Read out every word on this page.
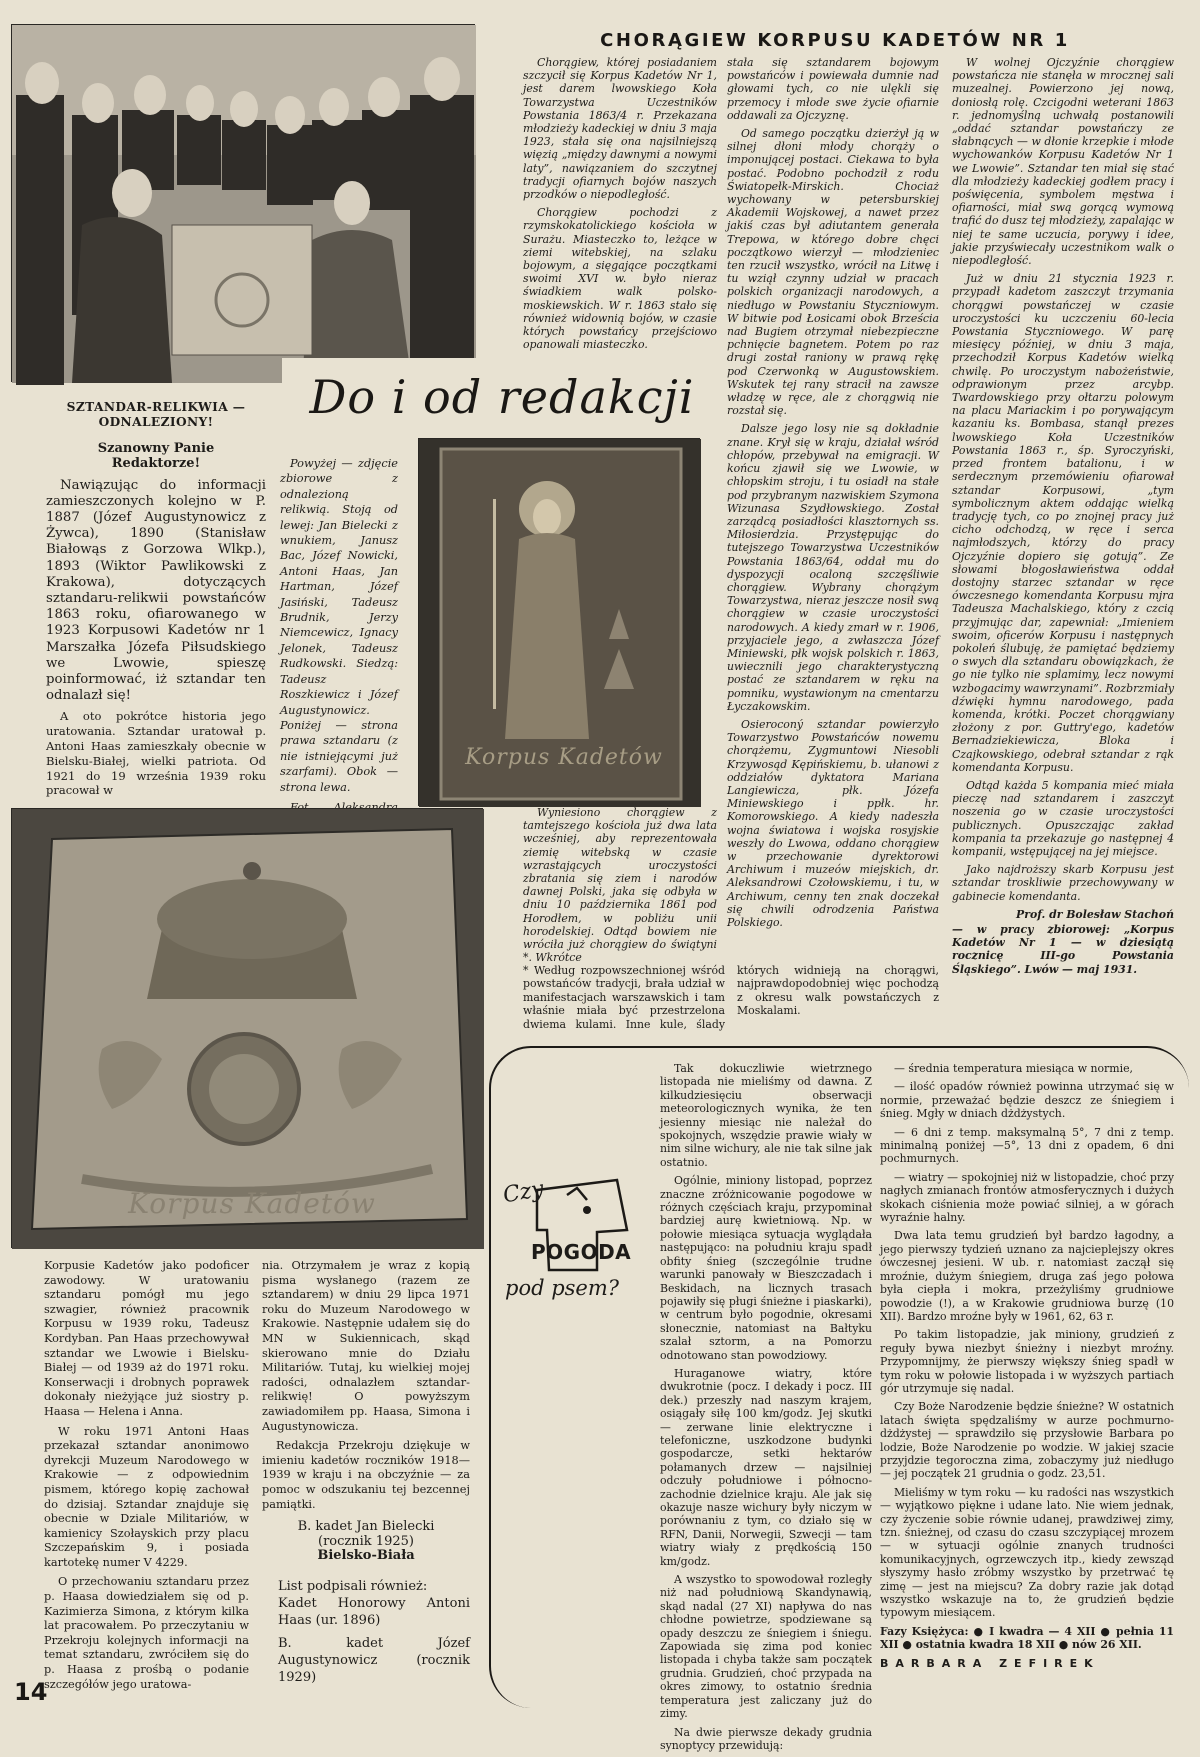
SZTANDAR-RELIKWIA — ODNALEZIONY!
Szanowny Panie Redaktorze!

Nawiązując do informacji zamieszczonych kolejno w P. 1887 (Józef Augustynowicz z Żywca), 1890 (Stanisław Białowąs z Gorzowa Wlkp.), 1893 (Wiktor Pawlikowski z Krakowa), dotyczących sztandaru-relikwii powstańców 1863 roku, ofiarowanego w 1923 Korpusowi Kadetów nr 1 Marszałka Józefa Piłsudskiego we Lwowie, spieszę poinformować, iż sztandar ten odnalazł się!

A oto pokrótce historia jego uratowania. Sztandar uratował p. Antoni Haas zamieszkały obecnie w Bielsku-Białej, wielki patriota. Od 1921 do 19 września 1939 roku pracował w

Do i od redakcji

Powyżej — zdjęcie zbiorowe z odnalezioną relikwią. Stoją od lewej: Jan Bielecki z wnukiem, Janusz Bac, Józef Nowicki, Antoni Haas, Jan Hartman, Józef Jasiński, Tadeusz Brudnik, Jerzy Niemcewicz, Ignacy Jelonek, Tadeusz Rudkowski. Siedzą: Tadeusz Roszkiewicz i Józef Augustynowicz. Poniżej — strona prawa sztandaru (z nie istniejącymi już szarfami). Obok — strona lewa.

Korpus Kadetów
Korpus Kadetów

Korpusie Kadetów jako podoficer zawodowy. W uratowaniu sztandaru pomógł mu jego szwagier, również pracownik Korpusu w 1939 roku, Tadeusz Kordyban. Pan Haas przechowywał sztandar we Lwowie i Bielsku-Białej — od 1939 aż do 1971 roku. Konserwacji i drobnych poprawek dokonały nieżyjące już siostry p. Haasa — Helena i Anna.

W roku 1971 Antoni Haas przekazał sztandar anonimowo dyrekcji Muzeum Narodowego w Krakowie — z odpowiednim pismem, którego kopię zachował do dzisiaj. Sztandar znajduje się obecnie w Dziale Militariów, w kamienicy Szołayskich przy placu Szczepańskim 9, i posiada kartotekę numer V 4229.

O przechowaniu sztandaru przez p. Haasa dowiedziałem się od p. Kazimierza Simona, z którym kilka lat pracowałem. Po przeczytaniu w Przekroju kolejnych informacji na temat sztandaru, zwróciłem się do p. Haasa z prośbą o podanie szczegółów jego uratowa-

nia. Otrzymałem je wraz z kopią pisma wysłanego (razem ze sztandarem) w dniu 29 lipca 1971 roku do Muzeum Narodowego w Krakowie. Następnie udałem się do MN w Sukiennicach, skąd skierowano mnie do Działu Militariów. Tutaj, ku wielkiej mojej radości, odnalazłem sztandar-relikwię! O powyższym zawiadomiłem pp. Haasa, Simona i Augustynowicza.

Redakcja Przekroju dziękuje w imieniu kadetów roczników 1918—1939 w kraju i na obczyźnie — za pomoc w odszukaniu tej bezcennej pamiątki.

B. kadet Jan Bielecki
(rocznik 1925)
Bielsko-Biała
List podpisali również:
Kadet Honorowy Antoni Haas (ur. 1896)
B. kadet Józef Augustynowicz (rocznik 1929)
14
CHORĄGIEW KORPUSU KADETÓW NR 1

Chorągiew, której posiadaniem szczycił się Korpus Kadetów Nr 1, jest darem lwowskiego Koła Towarzystwa Uczestników Powstania 1863/4 r. Przekazana młodzieży kadeckiej w dniu 3 maja 1923, stała się ona najsilniejszą więzią „między dawnymi a nowymi laty”, nawiązaniem do szczytnej tradycji ofiarnych bojów naszych przodków o niepodległość.

Chorągiew pochodzi z rzymskokatolickiego kościoła w Surażu. Miasteczko to, leżące w ziemi witebskiej, na szlaku bojowym, a sięgające początkami swoimi XVI w. było nieraz świadkiem walk polsko-moskiewskich. W r. 1863 stało się również widownią bojów, w czasie których powstańcy przejściowo opanowali miasteczko.

Wyniesiono chorągiew z tamtejszego kościoła już dwa lata wcześniej, aby reprezentowała ziemię witebską w czasie wzrastających uroczystości zbratania się ziem i narodów dawnej Polski, jaka się odbyła w dniu 10 października 1861 pod Horodłem, w pobliżu unii horodelskiej. Odtąd bowiem nie wróciła już chorągiew do świątyni *. Wkrótce

stała się sztandarem bojowym powstańców i powiewała dumnie nad głowami tych, co nie ulękli się przemocy i młode swe życie ofiarnie oddawali za Ojczyznę.

Od samego początku dzierżył ją w silnej dłoni młody chorąży o imponującej postaci. Ciekawa to była postać. Podobno pochodził z rodu Światopełk-Mirskich. Chociaż wychowany w petersburskiej Akademii Wojskowej, a nawet przez jakiś czas był adiutantem generała Trepowa, w którego dobre chęci początkowo wierzył — młodzieniec ten rzucił wszystko, wrócił na Litwę i tu wziął czynny udział w pracach polskich organizacji narodowych, a niedługo w Powstaniu Styczniowym. W bitwie pod Łosicami obok Brześcia nad Bugiem otrzymał niebezpieczne pchnięcie bagnetem. Potem po raz drugi został raniony w prawą rękę pod Czerwonką w Augustowskiem. Wskutek tej rany stracił na zawsze władzę w ręce, ale z chorągwią nie rozstał się.

Dalsze jego losy nie są dokładnie znane. Krył się w kraju, działał wśród chłopów, przebywał na emigracji. W końcu zjawił się we Lwowie, w chłopskim stroju, i tu osiadł na stałe pod przybranym nazwiskiem Szymona Wizunasa Szydłowskiego. Został zarządcą posiadłości klasztornych ss. Miłosierdzia. Przystępując do tutejszego Towarzystwa Uczestników Powstania 1863/64, oddał mu do dyspozycji ocaloną szczęśliwie chorągiew. Wybrany chorążym Towarzystwa, nieraz jeszcze nosił swą chorągiew w czasie uroczystości narodowych. A kiedy zmarł w r. 1906, przyjaciele jego, a zwłaszcza Józef Miniewski, płk wojsk polskich r. 1863, uwiecznili jego charakterystyczną postać ze sztandarem w ręku na pomniku, wystawionym na cmentarzu Łyczakowskim.

Osieroconý sztandar powierzyło Towarzystwo Powstańców nowemu chorążemu, Zygmuntowi Niesobli Krzywosąd Kępińskiemu, b. ułanowi z oddziałów dyktatora Mariana Langiewicza, płk. Józefa Miniewskiego i ppłk. hr. Komorowskiego. A kiedy nadeszła wojna światowa i wojska rosyjskie weszły do Lwowa, oddano chorągiew w przechowanie dyrektorowi Archiwum i muzeów miejskich, dr. Aleksandrowi Czołowskiemu, i tu, w Archiwum, cenny ten znak doczekał się chwili odrodzenia Państwa Polskiego.

W wolnej Ojczyźnie chorągiew powstańcza nie stanęła w mrocznej sali muzealnej. Powierzono jej nową, doniosłą rolę. Czcigodni weterani 1863 r. jednomyślną uchwałą postanowili „oddać sztandar powstańczy ze słabnących — w dłonie krzepkie i młode wychowanków Korpusu Kadetów Nr 1 we Lwowie”. Sztandar ten miał się stać dla młodzieży kadeckiej godłem pracy i poświęcenia, symbolem męstwa i ofiarności, miał swą gorącą wymową trafić do dusz tej młodzieży, zapalając w niej te same uczucia, porywy i idee, jakie przyświecały uczestnikom walk o niepodległość.

Już w dniu 21 stycznia 1923 r. przypadł kadetom zaszczyt trzymania chorągwi powstańczej w czasie uroczystości ku uczczeniu 60-lecia Powstania Styczniowego. W parę miesięcy później, w dniu 3 maja, przechodził Korpus Kadetów wielką chwilę. Po uroczystym nabożeństwie, odprawionym przez arcybp. Twardowskiego przy ołtarzu polowym na placu Mariackim i po porywającym kazaniu ks. Bombasa, stanął prezes lwowskiego Koła Uczestników Powstania 1863 r., śp. Syroczyński, przed frontem batalionu, i w serdecznym przemówieniu ofiarował sztandar Korpusowi, „tym symbolicznym aktem oddając wielką tradycję tych, co po znojnej pracy już cicho odchodzą, w ręce i serca najmłodszych, którzy do pracy Ojczyźnie dopiero się gotują”. Ze słowami błogosławieństwa oddał dostojny starzec sztandar w ręce ówczesnego komendanta Korpusu mjra Tadeusza Machalskiego, który z czcią przyjmując dar, zapewniał: „Imieniem swoim, oficerów Korpusu i następnych pokoleń ślubuję, że pamiętać będziemy o swych dla sztandaru obowiązkach, że go nie tylko nie splamimy, lecz nowymi wzbogacimy wawrzynami”. Rozbrzmiały dźwięki hymnu narodowego, pada komenda, krótki. Poczet chorągwiany złożony z por. Guttry'ego, kadetów Bernadziekiewicza, Bloka i Czajkowskiego, odebrał sztandar z rąk komendanta Korpusu.

Odtąd każda 5 kompania mieć miała pieczę nad sztandarem i zaszczyt noszenia go w czasie uroczystości publicznych. Opuszczając zakład kompania ta przekazuje go następnej 4 kompanii, wstępującej na jej miejsce.

Jako najdroższy skarb Korpusu jest sztandar troskliwie przechowywany w gabinecie komendanta.

Prof. dr Bolesław Stachoń
— w pracy zbiorowej: „Korpus Kadetów Nr 1 — w dziesiątą rocznicę III-go Powstania Śląskiego”. Lwów — maj 1931.

* Według rozpowszechnionej wśród powstańców tradycji, brała udział w manifestacjach warszawskich i tam właśnie miała być przestrzelona dwiema kulami. Inne kule, ślady których widnieją na chorągwi, najprawdopodobniej więc pochodzą z okresu walk powstańczych z Moskalami.

Czy
POGODA
pod psem?

Tak dokuczliwie wietrznego listopada nie mieliśmy od dawna. Z kilkudziesięciu obserwacji meteorologicznych wynika, że ten jesienny miesiąc nie należał do spokojnych, wszędzie prawie wiały w nim silne wichury, ale nie tak silne jak ostatnio.

Ogólnie, miniony listopad, poprzez znaczne zróżnicowanie pogodowe w różnych częściach kraju, przypominał bardziej aurę kwietniową. Np. w połowie miesiąca sytuacja wyglądała następująco: na południu kraju spadł obfity śnieg (szczególnie trudne warunki panowały w Bieszczadach i Beskidach, na licznych trasach pojawiły się pługi śnieżne i piaskarki), w centrum było pogodnie, okresami słonecznie, natomiast na Bałtyku szalał sztorm, a na Pomorzu odnotowano stan powodziowy.

Huraganowe wiatry, które dwukrotnie (pocz. I dekady i pocz. III dek.) przeszły nad naszym krajem, osiągały siłę 100 km/godz. Jej skutki — zerwane linie elektryczne i telefoniczne, uszkodzone budynki gospodarcze, setki hektarów połamanych drzew — najsilniej odczuły południowe i północno-zachodnie dzielnice kraju. Ale jak się okazuje nasze wichury były niczym w porównaniu z tym, co działo się w RFN, Danii, Norwegii, Szwecji — tam wiatry wiały z prędkością 150 km/godz.

A wszystko to spowodował rozległy niż nad południową Skandynawią, skąd nadal (27 XI) napływa do nas chłodne powietrze, spodziewane są opady deszczu ze śniegiem i śniegu. Zapowiada się zima pod koniec listopada i chyba także sam początek grudnia. Grudzień, choć przypada na okres zimowy, to ostatnio średnia temperatura jest zaliczany już do zimy.

Na dwie pierwsze dekady grudnia synoptycy przewidują:

— średnia temperatura miesiąca w normie,

— ilość opadów również powinna utrzymać się w normie, przeważać będzie deszcz ze śniegiem i śnieg. Mgły w dniach dżdżystych.

— 6 dni z temp. maksymalną 5°, 7 dni z temp. minimalną poniżej —5°, 13 dni z opadem, 6 dni pochmurnych.

— wiatry — spokojniej niż w listopadzie, choć przy nagłych zmianach frontów atmosferycznych i dużych skokach ciśnienia może powiać silniej, a w górach wyraźnie halny.

Dwa lata temu grudzień był bardzo łagodny, a jego pierwszy tydzień uznano za najcieplejszy okres ówczesnej jesieni. W ub. r. natomiast zaczął się mroźnie, dużym śniegiem, druga zaś jego połowa była ciepła i mokra, przeżyliśmy grudniowe powodzie (!), a w Krakowie grudniowa burzę (10 XII). Bardzo mroźne były w 1961, 62, 63 r.

Po takim listopadzie, jak miniony, grudzień z reguły bywa niezbyt śnieżny i niezbyt mroźny. Przypomnijmy, że pierwszy większy śnieg spadł w tym roku w połowie listopada i w wyższych partiach gór utrzymuje się nadal.

Czy Boże Narodzenie będzie śnieżne? W ostatnich latach święta spędzaliśmy w aurze pochmurno-dżdżystej — sprawdziło się przysłowie Barbara po lodzie, Boże Narodzenie po wodzie. W jakiej szacie przyjdzie tegoroczna zima, zobaczymy już niedługo — jej początek 21 grudnia o godz. 23,51.

Mieliśmy w tym roku — ku radości nas wszystkich — wyjątkowo piękne i udane lato. Nie wiem jednak, czy życzenie sobie równie udanej, prawdziwej zimy, tzn. śnieżnej, od czasu do czasu szczypiącej mrozem — w sytuacji ogólnie znanych trudności komunikacyjnych, ogrzewczych itp., kiedy zewsząd słyszymy hasło zróbmy wszystko by przetrwać tę zimę — jest na miejscu? Za dobry razie jak dotąd wszystko wskazuje na to, że grudzień będzie typowym miesiącem.

Fazy Księżyca: ● I kwadra — 4 XII ● pełnia 11 XII ● ostatnia kwadra 18 XII ● nów 26 XII.

BARBARA ZEFIREK
